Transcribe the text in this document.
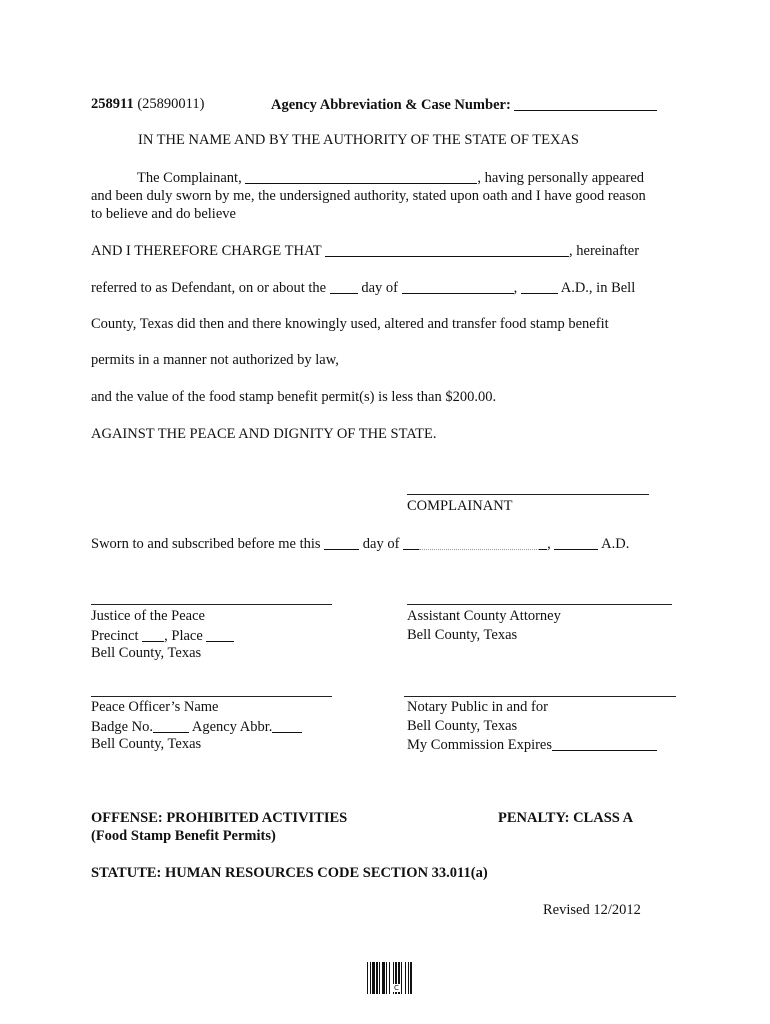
258911 (25890011)	Agency Abbreviation & Case Number:
IN THE NAME AND BY THE AUTHORITY OF THE STATE OF TEXAS
The Complainant,	, having personally appeared
and been duly sworn by me, the undersigned authority, stated upon oath and I have good reason
to believe and do believe
AND I THEREFORE CHARGE THAT	, hereinafter
referred to as Defendant, on or about the day of	,	A.D., in Bell
County, Texas did then and there knowingly used, altered and transfer food stamp benefit
permits in a manner not authorized by law,
and the value of the food stamp benefit permit(s) is less than $200.00.
AGAINST THE PEACE AND DIGNITY OF THE STATE.
COMPLAINANT
Sworn to and subscribed before me this	day of	,	A.D.
Justice of the Peace
Precinct , Place
Bell County, Texas
Assistant County Attorney
Bell County, Texas
Peace Officer’s Name
Badge No.	Agency Abbr.
Bell County, Texas
Notary Public in and for
Bell County, Texas
My Commission Expires
OFFENSE: PROHIBITED ACTIVITIES
(Food Stamp Benefit Permits)
PENALTY: CLASS A
STATUTE: HUMAN RESOURCES CODE SECTION 33.011(a)
Revised 12/2012
C
